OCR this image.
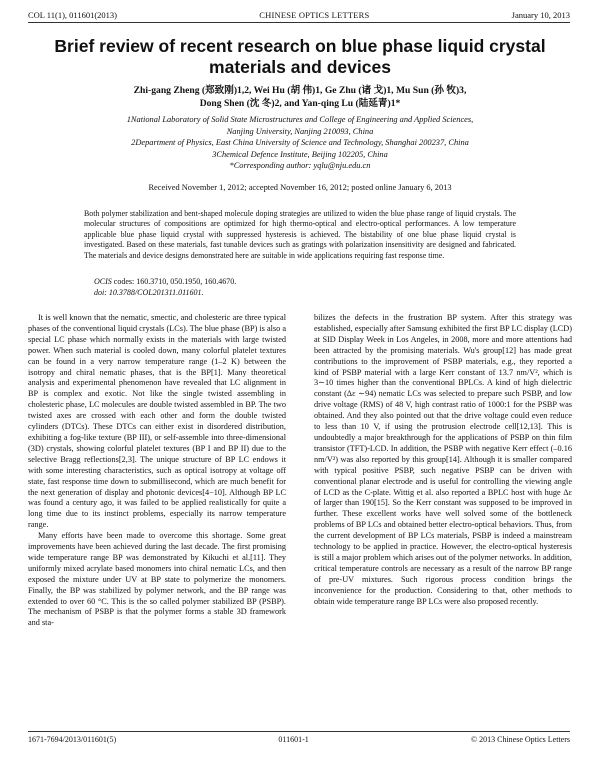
COL 11(1), 011601(2013)	CHINESE OPTICS LETTERS	January 10, 2013
Brief review of recent research on blue phase liquid crystal materials and devices
Zhi-gang Zheng (郑致刚)1,2, Wei Hu (胡 伟)1, Ge Zhu (诸 戈)1, Mu Sun (孙 牧)3,
Dong Shen (沈 冬)2, and Yan-qing Lu (陆延青)1*
1National Laboratory of Solid State Microstructures and College of Engineering and Applied Sciences,
Nanjing University, Nanjing 210093, China
2Department of Physics, East China University of Science and Technology, Shanghai 200237, China
3Chemical Defence Institute, Beijing 102205, China
*Corresponding author: yqlu@nju.edu.cn
Received November 1, 2012; accepted November 16, 2012; posted online January 6, 2013
Both polymer stabilization and bent-shaped molecule doping strategies are utilized to widen the blue phase range of liquid crystals. The molecular structures of compositions are optimized for high thermo-optical and electro-optical performances. A low temperature applicable blue phase liquid crystal with suppressed hysteresis is achieved. The bistability of one blue phase liquid crystal is investigated. Based on these materials, fast tunable devices such as gratings with polarization insensitivity are designed and fabricated. The materials and device designs demonstrated here are suitable in wide applications requiring fast response time.
OCIS codes: 160.3710, 050.1950, 160.4670.
doi: 10.3788/COL201311.011601.

It is well known that the nematic, smectic, and cholesteric are three typical phases of the conventional liquid crystals (LCs). The blue phase (BP) is also a special LC phase which normally exists in the materials with large twisted power. When such material is cooled down, many colorful platelet textures can be found in a very narrow temperature range (1–2 K) between the isotropy and chiral nematic phases, that is the BP[1]. Many theoretical analysis and experimental phenomenon have revealed that LC alignment in BP is complex and exotic. Not like the single twisted assembling in cholesteric phase, LC molecules are double twisted assembled in BP. The two twisted axes are crossed with each other and form the double twisted cylinders (DTCs). These DTCs can either exist in disordered distribution, exhibiting a fog-like texture (BP III), or self-assemble into three-dimensional (3D) crystals, showing colorful platelet textures (BP I and BP II) due to the selective Bragg reflections[2,3]. The unique structure of BP LC endows it with some interesting characteristics, such as optical isotropy at voltage off state, fast response time down to submillisecond, which are much benefit for the next generation of display and photonic devices[4−10]. Although BP LC was found a century ago, it was failed to be applied realistically for quite a long time due to its instinct problems, especially its narrow temperature range.

Many efforts have been made to overcome this shortage. Some great improvements have been achieved during the last decade. The first promising wide temperature range BP was demonstrated by Kikuchi et al.[11]. They uniformly mixed acrylate based monomers into chiral nematic LCs, and then exposed the mixture under UV at BP state to polymerize the monomers. Finally, the BP was stabilized by polymer network, and the BP range was extended to over 60 °C. This is the so called polymer stabilized BP (PSBP). The mechanism of PSBP is that the polymer forms a stable 3D framework and sta-

bilizes the defects in the frustration BP system. After this strategy was established, especially after Samsung exhibited the first BP LC display (LCD) at SID Display Week in Los Angeles, in 2008, more and more attentions had been attracted by the promising materials. Wu's group[12] has made great contributions to the improvement of PSBP materials, e.g., they reported a kind of PSBP material with a large Kerr constant of 13.7 nm/V², which is 3∼10 times higher than the conventional BPLCs. A kind of high dielectric constant (Δε ∼94) nematic LCs was selected to prepare such PSBP, and low drive voltage (RMS) of 48 V, high contrast ratio of 1000:1 for the PSBP was obtained. And they also pointed out that the drive voltage could even reduce to less than 10 V, if using the protrusion electrode cell[12,13]. This is undoubtedly a major breakthrough for the applications of PSBP on thin film transistor (TFT)-LCD. In addition, the PSBP with negative Kerr effect (–0.16 nm/V²) was also reported by this group[14]. Although it is smaller compared with typical positive PSBP, such negative PSBP can be driven with conventional planar electrode and is useful for controlling the viewing angle of LCD as the C-plate. Wittig et al. also reported a BPLC host with huge Δε of larger than 190[15]. So the Kerr constant was supposed to be improved in further. These excellent works have well solved some of the bottleneck problems of BP LCs and obtained better electro-optical behaviors. Thus, from the current development of BP LCs materials, PSBP is indeed a mainstream technology to be applied in practice. However, the electro-optical hysteresis is still a major problem which arises out of the polymer networks. In addition, critical temperature controls are necessary as a result of the narrow BP range of pre-UV mixtures. Such rigorous process condition brings the inconvenience for the production. Considering to that, other methods to obtain wide temperature range BP LCs were also proposed recently.

1671-7694/2013/011601(5)	011601-1	© 2013 Chinese Optics Letters
